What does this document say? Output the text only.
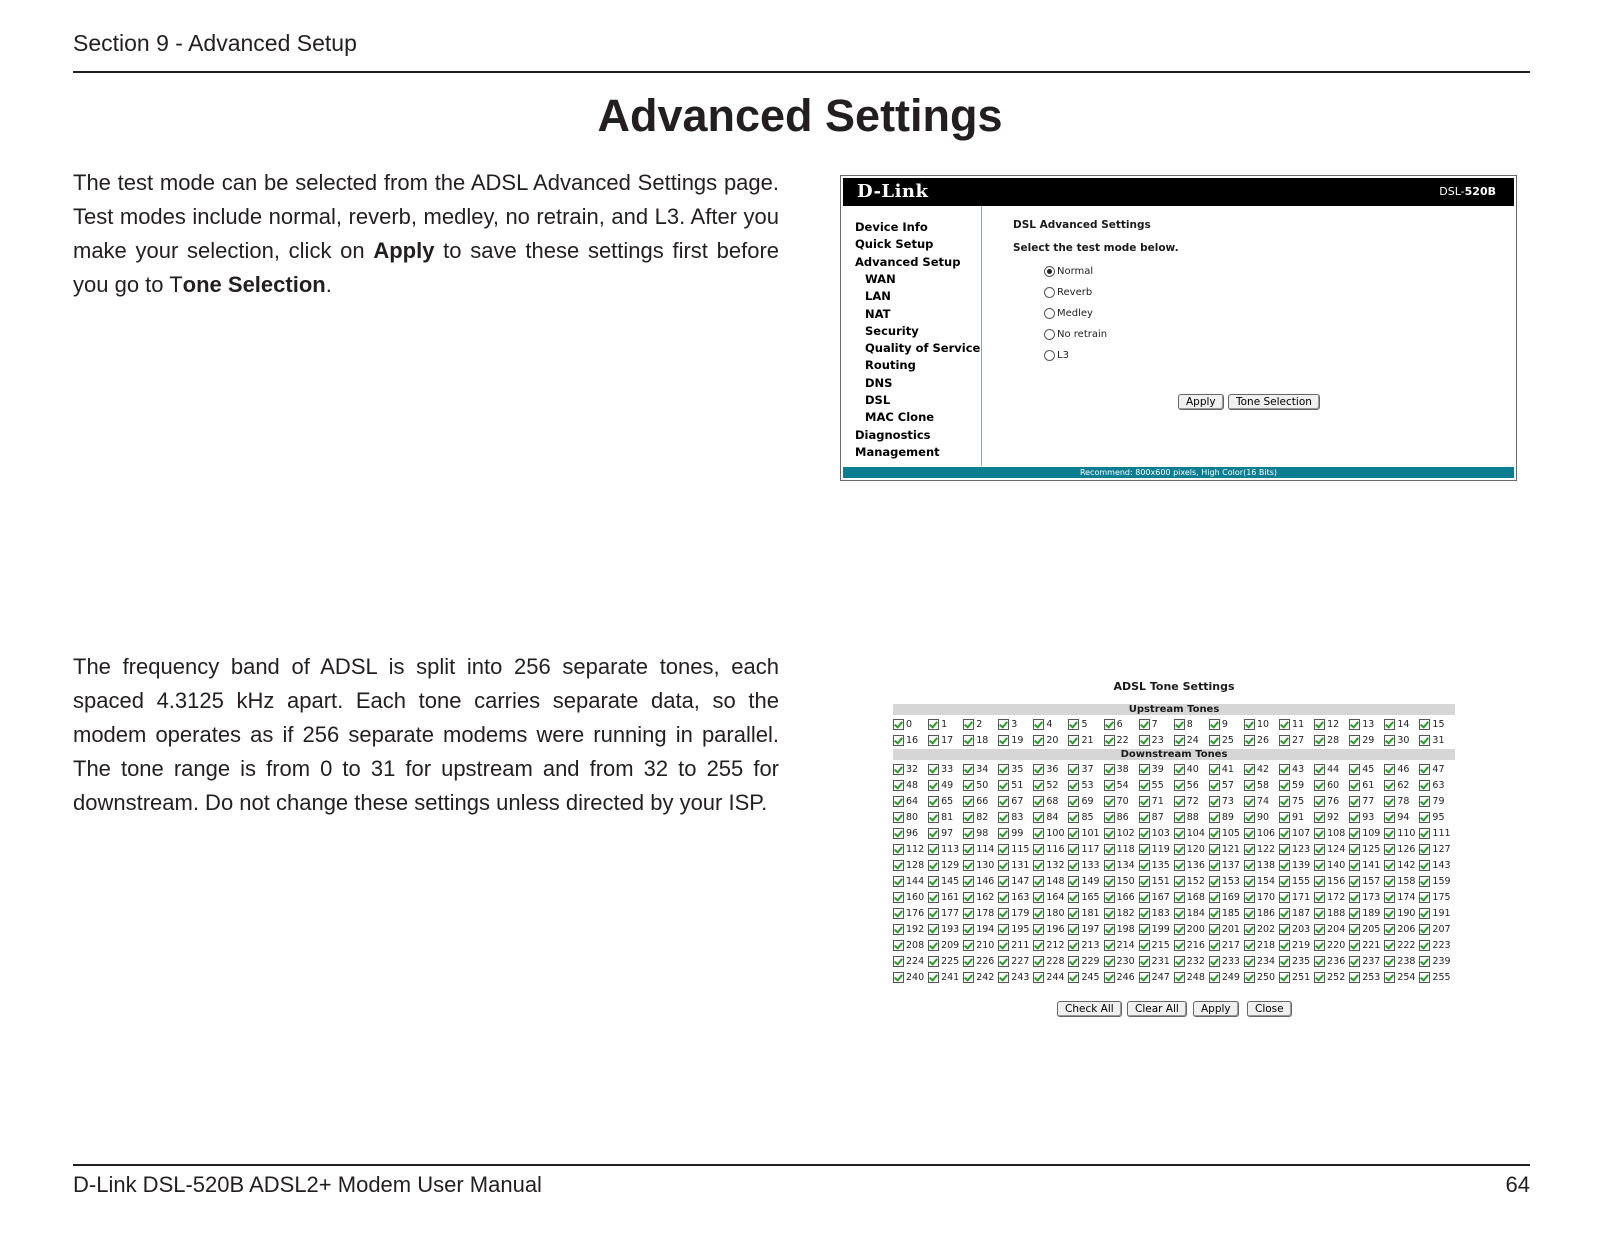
Section 9 - Advanced Setup
Advanced Settings
The test mode can be selected from the ADSL Advanced Settings page. Test modes include normal, reverb, medley, no retrain, and L3. After you make your selection, click on Apply to save these settings first before you go to Tone Selection.
D-Link	DSL-520B
Device Info
Quick Setup
Advanced Setup
WAN
LAN
NAT
Security
Quality of Service
Routing
DNS
DSL
MAC Clone
Diagnostics
Management
DSL Advanced Settings
Select the test mode below.
Normal
Reverb
Medley
No retrain
L3
Apply	Tone Selection
Recommend: 800x600 pixels, High Color(16 Bits)
The frequency band of ADSL is split into 256 separate tones, each spaced 4.3125 kHz apart. Each tone carries separate data, so the modem operates as if 256 separate modems were running in parallel. The tone range is from 0 to 31 for upstream and from 32 to 255 for downstream. Do not change these settings unless directed by your ISP.
ADSL Tone Settings
Upstream Tones
0	1	2	3	4	5	6	7	8	9	10 11 12 13 14 15
16 17 18 19 20 21 22 23 24 25 26 27 28 29 30 31
Downstream Tones
32 33 34 35 36 37 38 39 40 41 42 43 44 45 46 47
48 49 50 51 52 53 54 55 56 57 58 59 60 61 62 63
64 65 66 67 68 69 70 71 72 73 74 75 76 77 78 79
80 81 82 83 84 85 86 87 88 89 90 91 92 93 94 95
96 97 98 99 100 101 102 103 104 105 106 107 108 109 110 111
112 113 114 115 116 117 118 119 120 121 122 123 124 125 126 127
128 129 130 131 132 133 134 135 136 137 138 139 140 141 142 143
144 145 146 147 148 149 150 151 152 153 154 155 156 157 158 159
160 161 162 163 164 165 166 167 168 169 170 171 172 173 174 175
176 177 178 179 180 181 182 183 184 185 186 187 188 189 190 191
192 193 194 195 196 197 198 199 200 201 202 203 204 205 206 207
208 209 210 211 212 213 214 215 216 217 218 219 220 221 222 223
224 225 226 227 228 229 230 231 232 233 234 235 236 237 238 239
240 241 242 243 244 245 246 247 248 249 250 251 252 253 254 255
Check All	Clear All	Apply	Close
D-Link DSL-520B ADSL2+ Modem User Manual	64
